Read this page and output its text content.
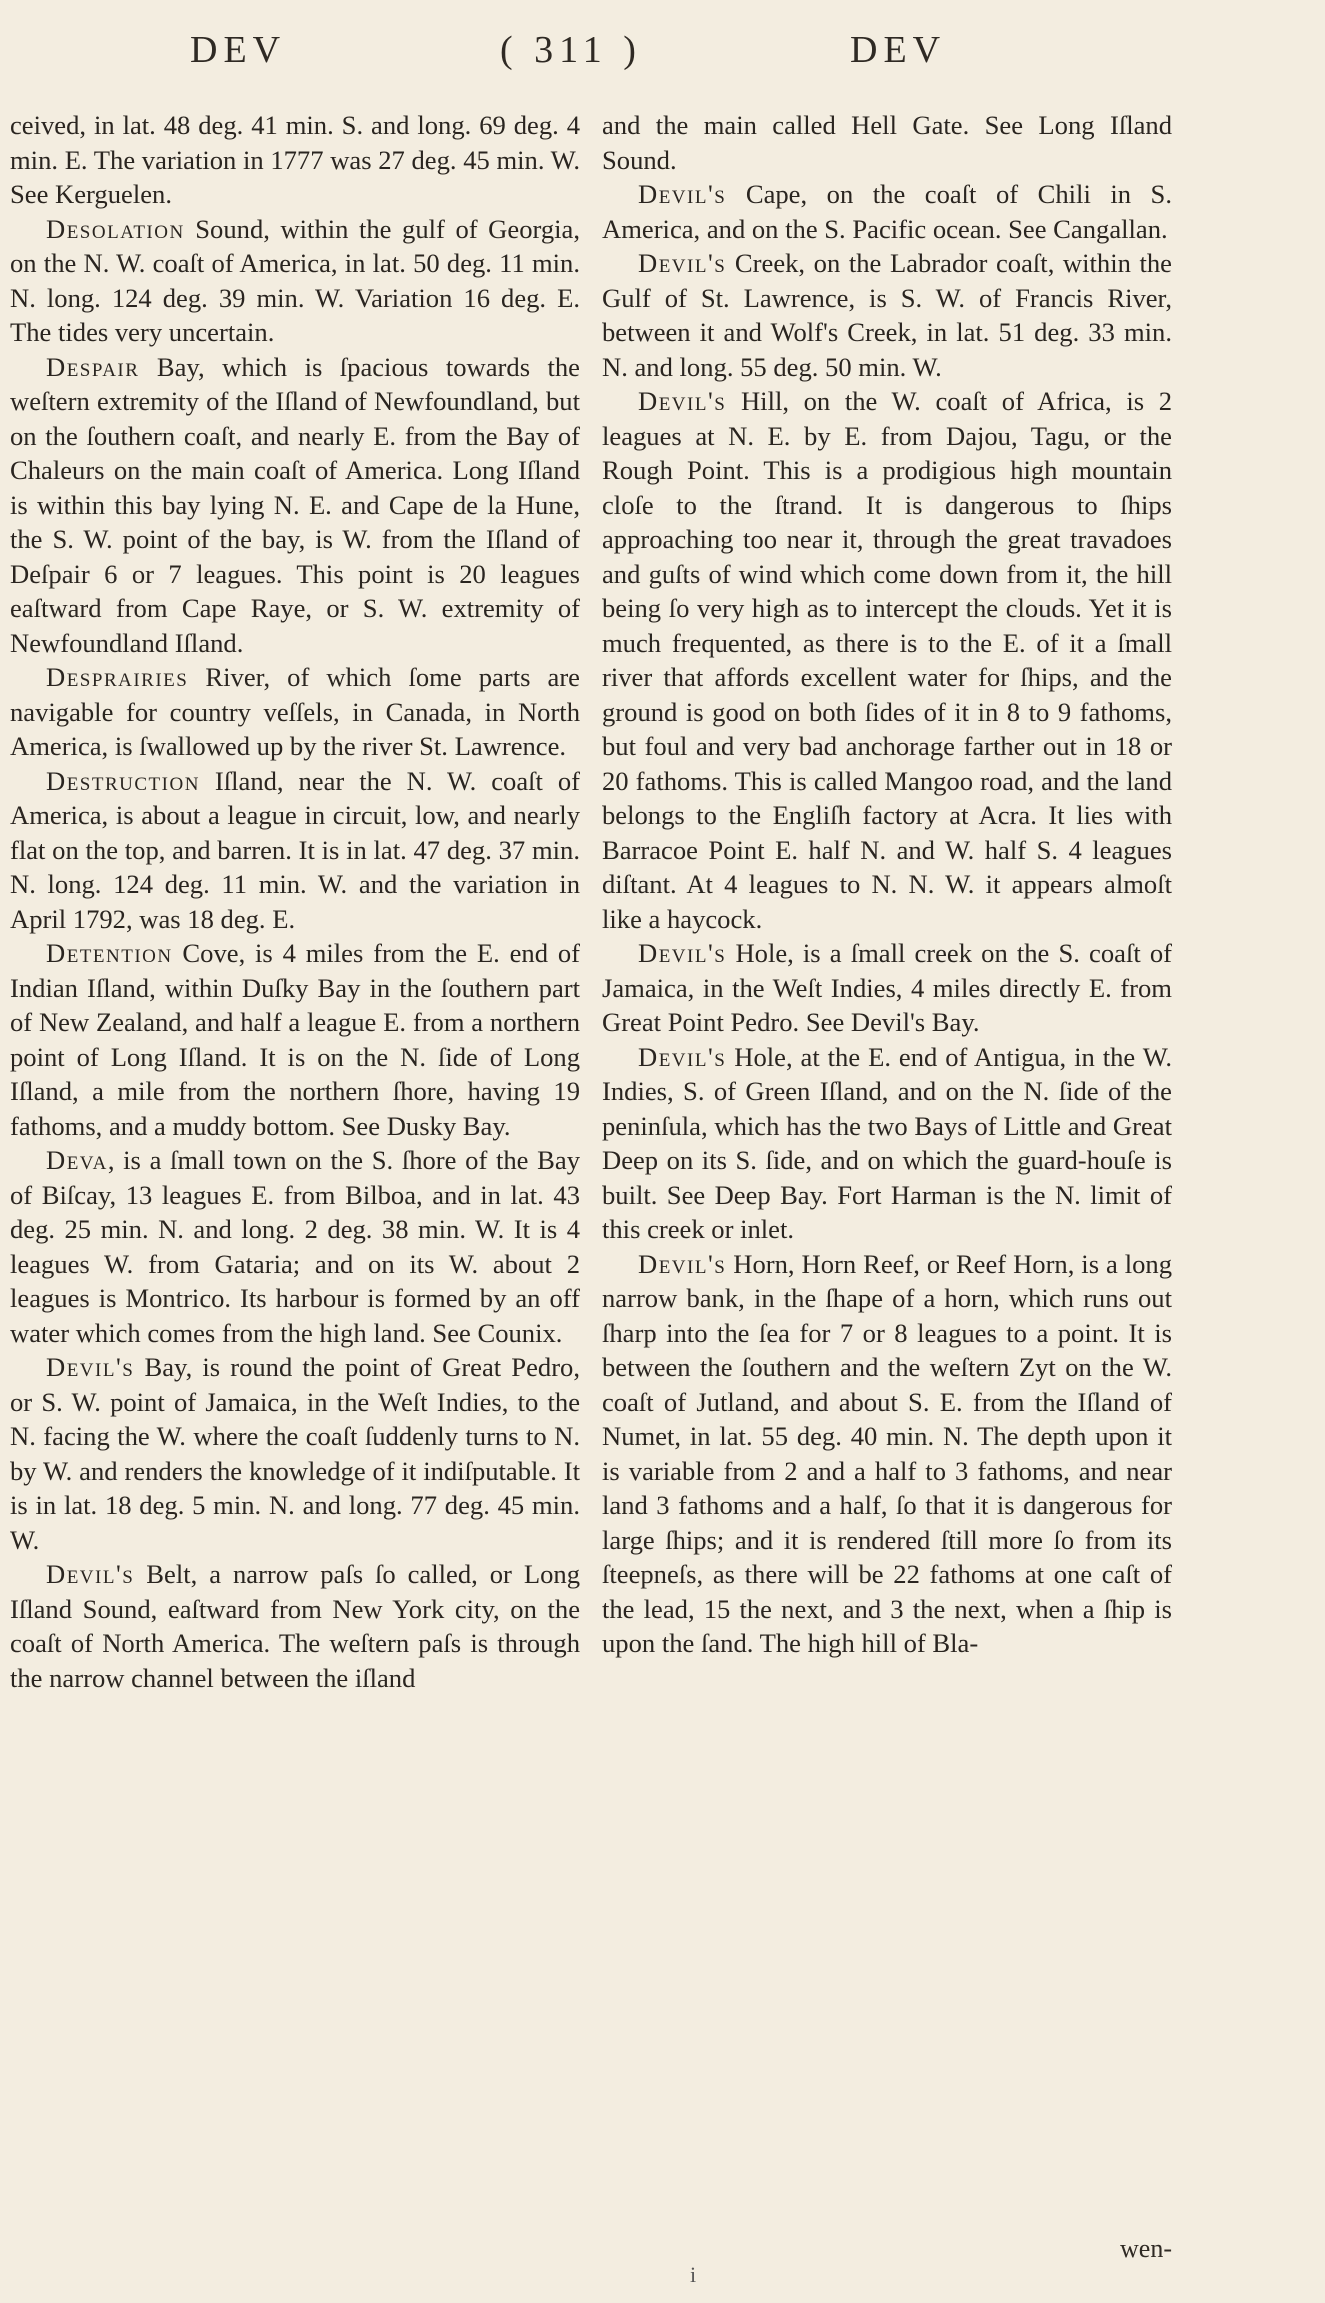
DEV	( 311 )	DEV

ceived, in lat. 48 deg. 41 min. S. and long. 69 deg. 4 min. E. The variation in 1777 was 27 deg. 45 min. W. See Kerguelen.

Desolation Sound, within the gulf of Georgia, on the N. W. coaſt of America, in lat. 50 deg. 11 min. N. long. 124 deg. 39 min. W. Variation 16 deg. E. The tides very uncertain.

Despair Bay, which is ſpacious towards the weſtern extremity of the Iſland of Newfoundland, but on the ſouthern coaſt, and nearly E. from the Bay of Chaleurs on the main coaſt of America. Long Iſland is within this bay lying N. E. and Cape de la Hune, the S. W. point of the bay, is W. from the Iſland of Deſpair 6 or 7 leagues. This point is 20 leagues eaſtward from Cape Raye, or S. W. extremity of Newfoundland Iſland.

Desprairies River, of which ſome parts are navigable for country veſſels, in Canada, in North America, is ſwallowed up by the river St. Lawrence.

Destruction Iſland, near the N. W. coaſt of America, is about a league in circuit, low, and nearly flat on the top, and barren. It is in lat. 47 deg. 37 min. N. long. 124 deg. 11 min. W. and the variation in April 1792, was 18 deg. E.

Detention Cove, is 4 miles from the E. end of Indian Iſland, within Duſky Bay in the ſouthern part of New Zealand, and half a league E. from a northern point of Long Iſland. It is on the N. ſide of Long Iſland, a mile from the northern ſhore, having 19 fathoms, and a muddy bottom. See Dusky Bay.

Deva, is a ſmall town on the S. ſhore of the Bay of Biſcay, 13 leagues E. from Bilboa, and in lat. 43 deg. 25 min. N. and long. 2 deg. 38 min. W. It is 4 leagues W. from Gataria; and on its W. about 2 leagues is Montrico. Its harbour is formed by an off water which comes from the high land. See Counix.

Devil's Bay, is round the point of Great Pedro, or S. W. point of Jamaica, in the Weſt Indies, to the N. facing the W. where the coaſt ſuddenly turns to N. by W. and renders the knowledge of it indiſputable. It is in lat. 18 deg. 5 min. N. and long. 77 deg. 45 min. W.

Devil's Belt, a narrow paſs ſo called, or Long Iſland Sound, eaſtward from New York city, on the coaſt of North America. The weſtern paſs is through the narrow channel between the iſland

and the main called Hell Gate. See Long Iſland Sound.

Devil's Cape, on the coaſt of Chili in S. America, and on the S. Pacific ocean. See Cangallan.

Devil's Creek, on the Labrador coaſt, within the Gulf of St. Lawrence, is S. W. of Francis River, between it and Wolf's Creek, in lat. 51 deg. 33 min. N. and long. 55 deg. 50 min. W.

Devil's Hill, on the W. coaſt of Africa, is 2 leagues at N. E. by E. from Dajou, Tagu, or the Rough Point. This is a prodigious high mountain cloſe to the ſtrand. It is dangerous to ſhips approaching too near it, through the great travadoes and guſts of wind which come down from it, the hill being ſo very high as to intercept the clouds. Yet it is much frequented, as there is to the E. of it a ſmall river that affords excellent water for ſhips, and the ground is good on both ſides of it in 8 to 9 fathoms, but foul and very bad anchorage farther out in 18 or 20 fathoms. This is called Mangoo road, and the land belongs to the Engliſh factory at Acra. It lies with Barracoe Point E. half N. and W. half S. 4 leagues diſtant. At 4 leagues to N. N. W. it appears almoſt like a haycock.

Devil's Hole, is a ſmall creek on the S. coaſt of Jamaica, in the Weſt Indies, 4 miles directly E. from Great Point Pedro. See Devil's Bay.

Devil's Hole, at the E. end of Antigua, in the W. Indies, S. of Green Iſland, and on the N. ſide of the peninſula, which has the two Bays of Little and Great Deep on its S. ſide, and on which the guard-houſe is built. See Deep Bay. Fort Harman is the N. limit of this creek or inlet.

Devil's Horn, Horn Reef, or Reef Horn, is a long narrow bank, in the ſhape of a horn, which runs out ſharp into the ſea for 7 or 8 leagues to a point. It is between the ſouthern and the weſtern Zyt on the W. coaſt of Jutland, and about S. E. from the Iſland of Numet, in lat. 55 deg. 40 min. N. The depth upon it is variable from 2 and a half to 3 fathoms, and near land 3 fathoms and a half, ſo that it is dangerous for large ſhips; and it is rendered ſtill more ſo from its ſteepneſs, as there will be 22 fathoms at one caſt of the lead, 15 the next, and 3 the next, when a ſhip is upon the ſand. The high hill of Bla-

wen-
i
